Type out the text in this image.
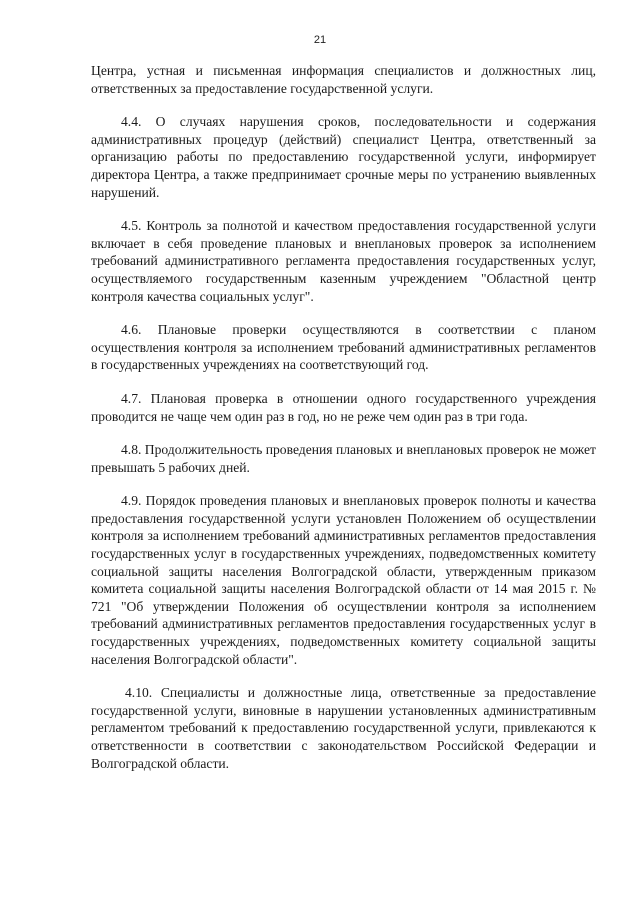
21

Центра, устная и письменная информация специалистов и должностных лиц, ответственных за предоставление государственной услуги.

4.4. О случаях нарушения сроков, последовательности и содержания административных процедур (действий) специалист Центра, ответственный за организацию работы по предоставлению государственной услуги, информирует директора Центра, а также предпринимает срочные меры по устранению выявленных нарушений.

4.5. Контроль за полнотой и качеством предоставления государственной услуги включает в себя проведение плановых и внеплановых проверок за исполнением требований административного регламента предоставления государственных услуг, осуществляемого государственным казенным учреждением "Областной центр контроля качества социальных услуг".

4.6. Плановые проверки осуществляются в соответствии с планом осуществления контроля за исполнением требований административных регламентов в государственных учреждениях на соответствующий год.

4.7. Плановая проверка в отношении одного государственного учреждения проводится не чаще чем один раз в год, но не реже чем один раз в три года.

4.8. Продолжительность проведения плановых и внеплановых проверок не может превышать 5 рабочих дней.

4.9. Порядок проведения плановых и внеплановых проверок полноты и качества предоставления государственной услуги установлен Положением об осуществлении контроля за исполнением требований административных регламентов предоставления государственных услуг в государственных учреждениях, подведомственных комитету социальной защиты населения Волгоградской области, утвержденным приказом комитета социальной защиты населения Волгоградской области от 14 мая 2015 г. № 721 "Об утверждении Положения об осуществлении контроля за исполнением требований административных регламентов предоставления государственных услуг в государственных учреждениях, подведомственных комитету социальной защиты населения Волгоградской области".

4.10. Специалисты и должностные лица, ответственные за предоставление государственной услуги, виновные в нарушении установленных административным регламентом требований к предоставлению государственной услуги, привлекаются к ответственности в соответствии с законодательством Российской Федерации и Волгоградской области.
